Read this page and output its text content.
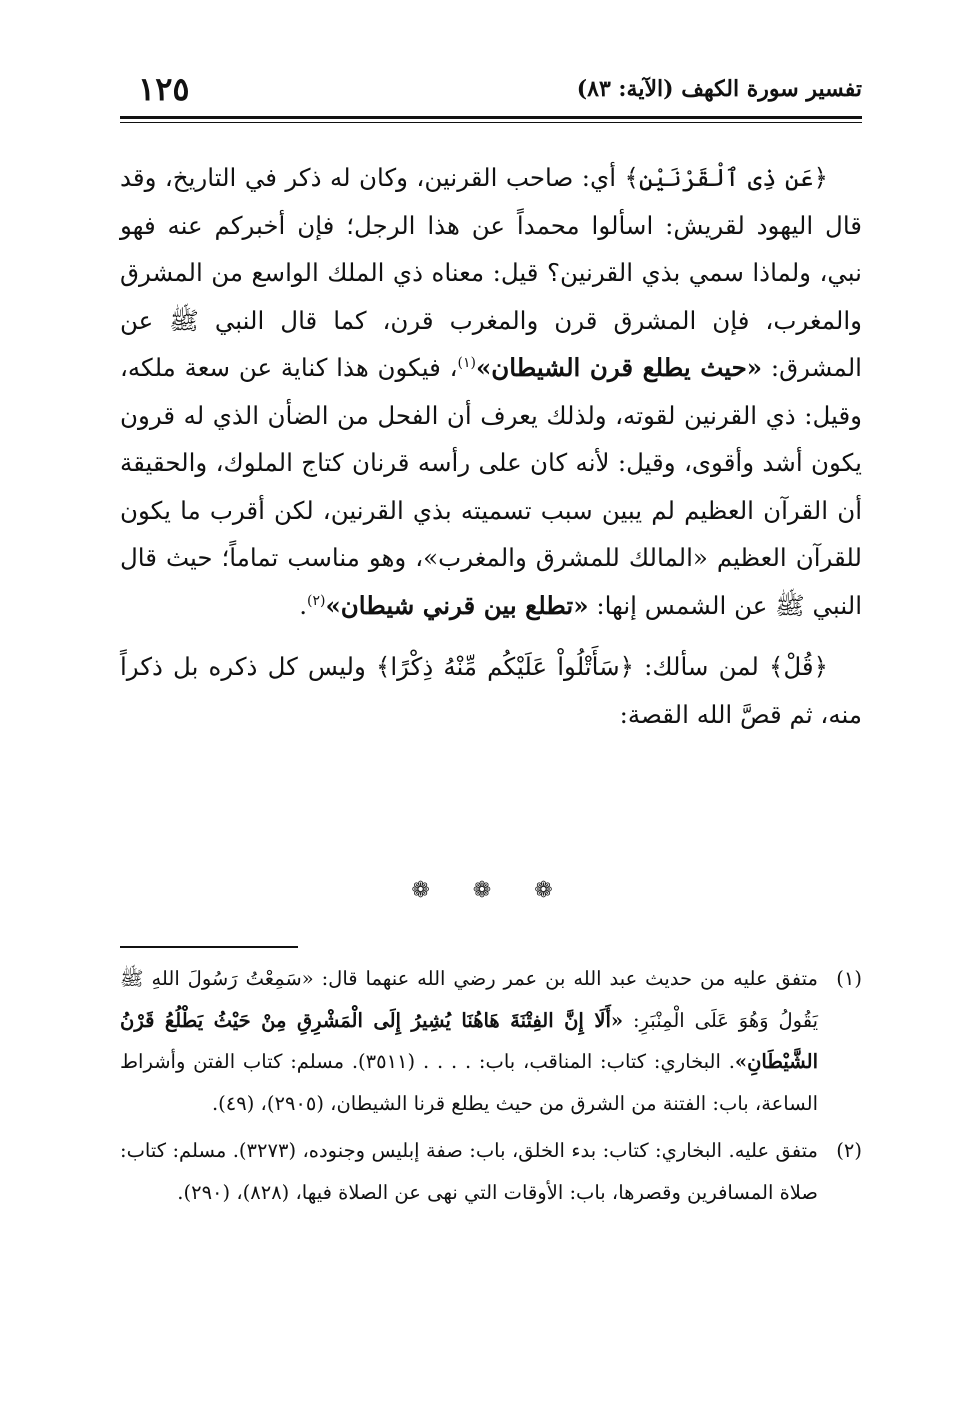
تفسير سورة الكهف (الآية: ٨٣)
١٢٥

﴿عَن ذِى ٱلْقَرْنَيْنِ﴾ أي: صاحب القرنين، وكان له ذكر في التاريخ، وقد قال اليهود لقريش: اسألوا محمداً عن هذا الرجل؛ فإن أخبركم عنه فهو نبي، ولماذا سمي بذي القرنين؟ قيل: معناه ذي الملك الواسع من المشرق والمغرب، فإن المشرق قرن والمغرب قرن، كما قال النبي ﷺ عن المشرق: «حيث يطلع قرن الشيطان»$^{(١)}$، فيكون هذا كناية عن سعة ملكه، وقيل: ذي القرنين لقوته، ولذلك يعرف أن الفحل من الضأن الذي له قرون يكون أشد وأقوى، وقيل: لأنه كان على رأسه قرنان كتاج الملوك، والحقيقة أن القرآن العظيم لم يبين سبب تسميته بذي القرنين، لكن أقرب ما يكون للقرآن العظيم «المالك للمشرق والمغرب»، وهو مناسب تماماً؛ حيث قال النبي ﷺ عن الشمس إنها: «تطلع بين قرني شيطان»$^{(٢)}$.

﴿قُلْ﴾ لمن سألك: ﴿سَأَتْلُواْ عَلَيْكُم مِّنْهُ ذِكْرًا﴾ وليس كل ذكره بل ذكراً منه، ثم قصَّ الله القصة:

❁ ❁ ❁
(١)
متفق عليه من حديث عبد الله بن عمر رضي الله عنهما قال: «سَمِعْتُ رَسُولَ اللهِ ﷺ يَقُولُ وَهُوَ عَلَى الْمِنْبَرِ: «أَلَا إِنَّ الفِتْنَةَ هَاهُنَا يُشِيرُ إِلَى الْمَشْرِقِ مِنْ حَيْثُ يَطْلُعُ قَرْنُ الشَّيْطَانِ». البخاري: كتاب: المناقب، باب: . . . . (٣٥١١). مسلم: كتاب الفتن وأشراط الساعة، باب: الفتنة من الشرق من حيث يطلع قرنا الشيطان، (٢٩٠٥)، (٤٩).
(٢)
متفق عليه. البخاري: كتاب: بدء الخلق، باب: صفة إبليس وجنوده، (٣٢٧٣). مسلم: كتاب: صلاة المسافرين وقصرها، باب: الأوقات التي نهى عن الصلاة فيها، (٨٢٨)، (٢٩٠).
